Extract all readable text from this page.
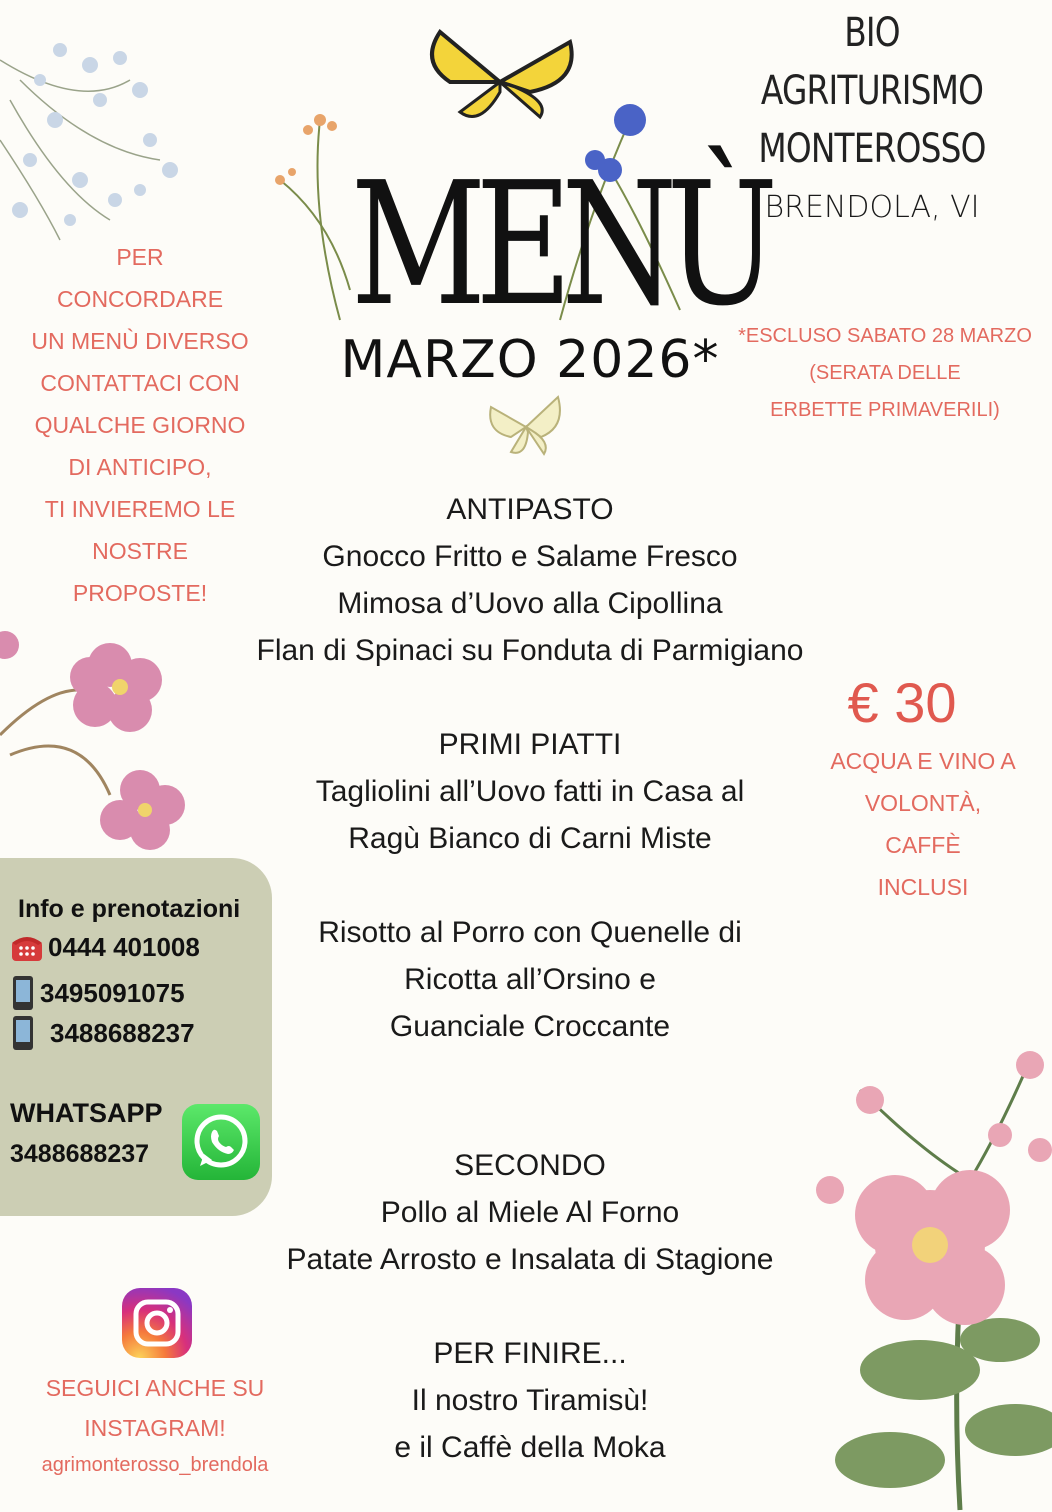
BIO
AGRITURISMO
MONTEROSSO
BRENDOLA, VI
MENÙ
MARZO 2026* *ESCLUSO SABATO 28 MARZO
(SERATA DELLE
ERBETTE PRIMAVERILI)
PER
CONCORDARE
UN MENÙ DIVERSO
CONTATTACI CON
QUALCHE GIORNO
DI ANTICIPO,
TI INVIEREMO LE
NOSTRE
PROPOSTE!
ANTIPASTO
Gnocco Fritto e Salame Fresco
Mimosa d’Uovo alla Cipollina
Flan di Spinaci su Fonduta di Parmigiano
PRIMI PIATTI
Tagliolini all’Uovo fatti in Casa al
Ragù Bianco di Carni Miste
Risotto al Porro con Quenelle di
Ricotta all’Orsino e
Guanciale Croccante
SECONDO
Pollo al Miele Al Forno
Patate Arrosto e Insalata di Stagione
PER FINIRE...
Il nostro Tiramisù!
e il Caffè della Moka
€ 30
ACQUA E VINO A
VOLONTÀ,
CAFFÈ
INCLUSI
Info e prenotazioni
0444 401008
3495091075
3488688237
WHATSAPP
3488688237
SEGUICI ANCHE SU
INSTAGRAM!
agrimonterosso_brendola
